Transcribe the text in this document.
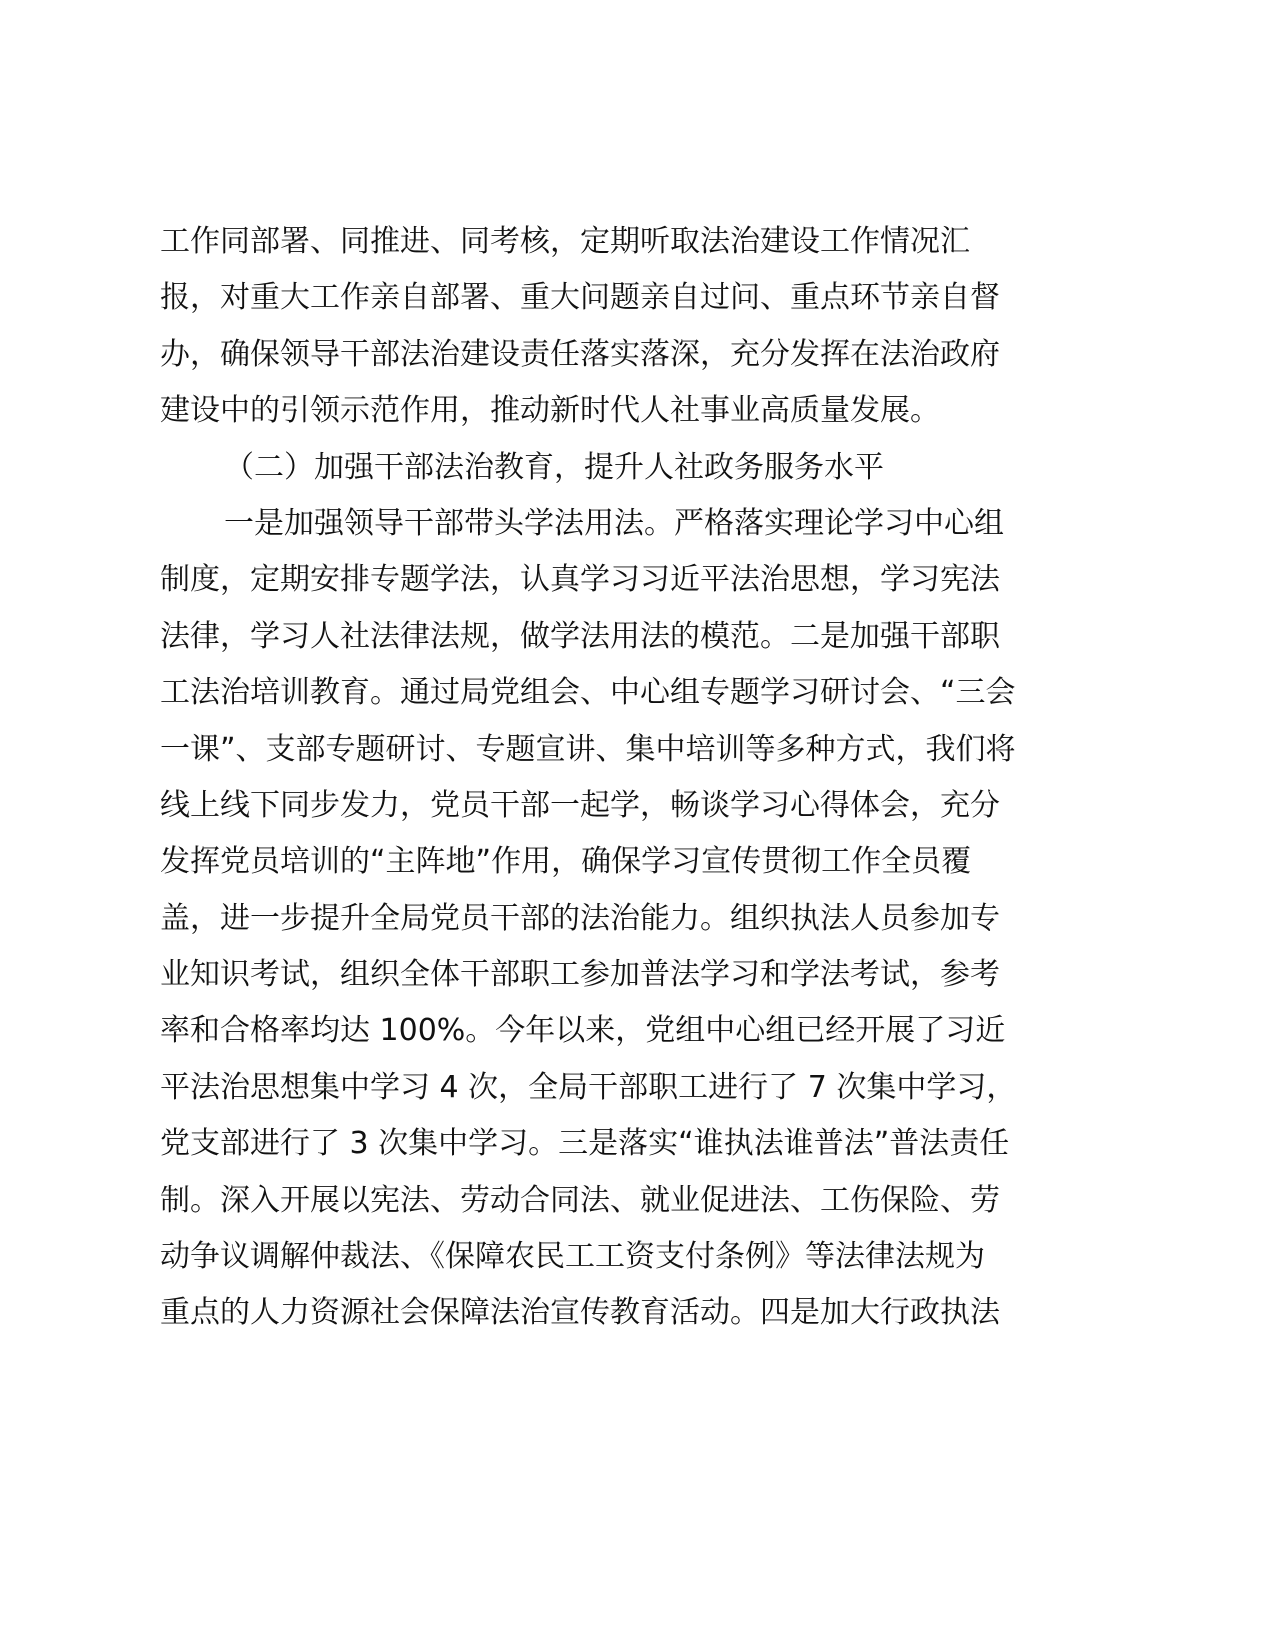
工作同部署、同推进、同考核，定期听取法治建设工作情况汇
报，对重大工作亲自部署、重大问题亲自过问、重点环节亲自督
办，确保领导干部法治建设责任落实落深，充分发挥在法治政府
建设中的引领示范作用，推动新时代人社事业高质量发展。
（二）加强干部法治教育，提升人社政务服务水平
一是加强领导干部带头学法用法。严格落实理论学习中心组
制度，定期安排专题学法，认真学习习近平法治思想，学习宪法
法律，学习人社法律法规，做学法用法的模范。二是加强干部职
工法治培训教育。通过局党组会、中心组专题学习研讨会、“三会
一课”、支部专题研讨、专题宣讲、集中培训等多种方式，我们将
线上线下同步发力，党员干部一起学，畅谈学习心得体会，充分
发挥党员培训的“主阵地”作用，确保学习宣传贯彻工作全员覆
盖，进一步提升全局党员干部的法治能力。组织执法人员参加专
业知识考试，组织全体干部职工参加普法学习和学法考试，参考
率和合格率均达 100%。今年以来，党组中心组已经开展了习近
平法治思想集中学习 4 次，全局干部职工进行了 7 次集中学习，
党支部进行了 3 次集中学习。三是落实“谁执法谁普法”普法责任
制。深入开展以宪法、劳动合同法、就业促进法、工伤保险、劳
动争议调解仲裁法、《保障农民工工资支付条例》等法律法规为
重点的人力资源社会保障法治宣传教育活动。四是加大行政执法
